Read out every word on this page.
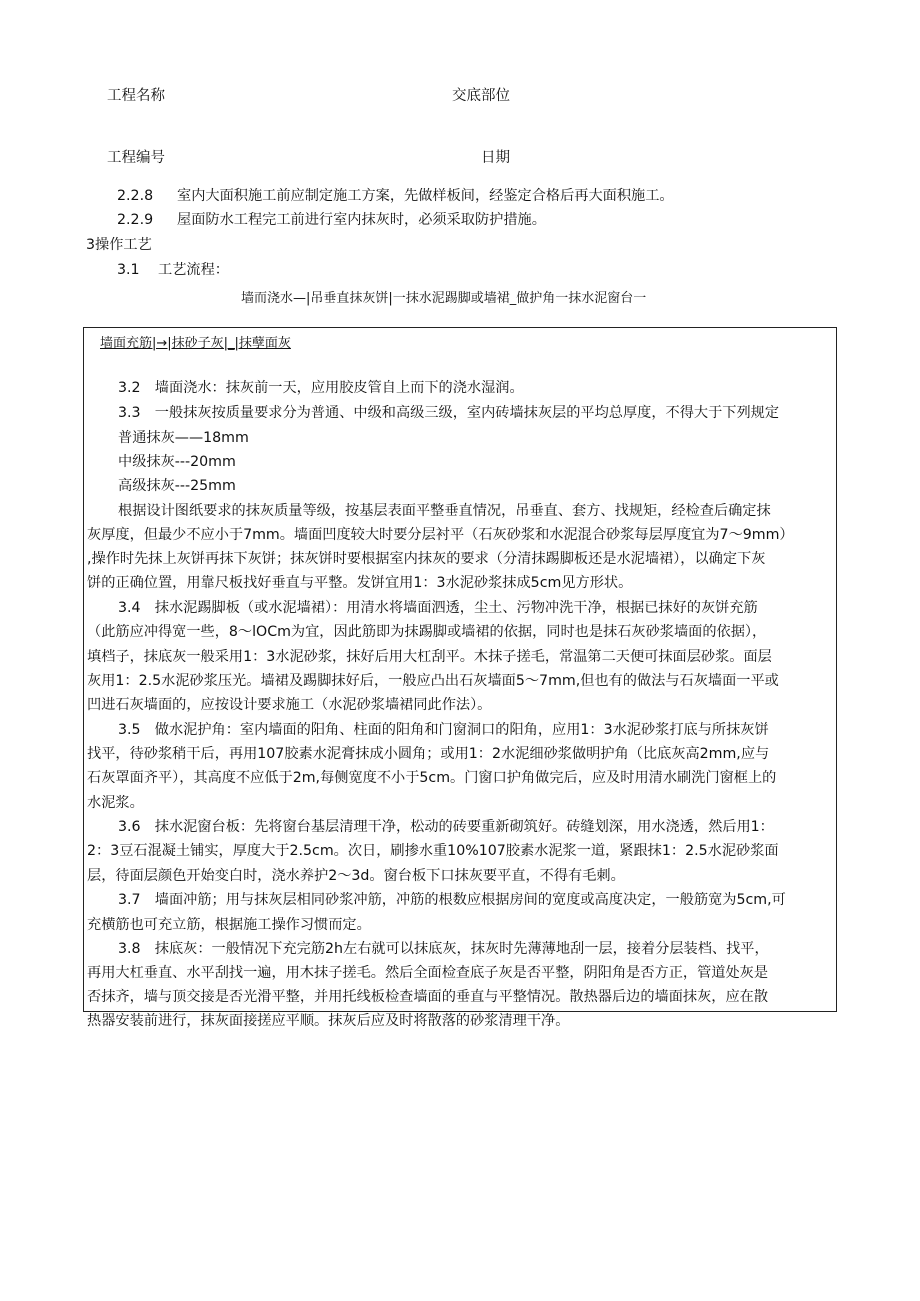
工程名称	交底部位
工程编号	日期
2.2.8 室内大面积施工前应制定施工方案，先做样板间，经鉴定合格后再大面积施工。
2.2.9 屋面防水工程完工前进行室内抹灰时，必须采取防护措施。
3操作工艺
3.1 工艺流程：
墙而浇水—|吊垂直抹灰饼|一抹水泥踢脚或墙裙_做护角一抹水泥窗台一
墙面充筋|→|抹砂子灰|_|抹孽面灰
3.2　墙面浇水：抹灰前一天，应用胶皮管自上而下的浇水湿润。
3.3　一般抹灰按质量要求分为普通、中级和高级三级，室内砖墙抹灰层的平均总厚度，不得大于下列规定
普通抹灰——18mm
中级抹灰---20mm
高级抹灰---25mm
根据设计图纸要求的抹灰质量等级，按基层表面平整垂直情况，吊垂直、套方、找规矩，经检查后确定抹
灰厚度，但最少不应小于7mm。墙面凹度较大时要分层衬平（石灰砂浆和水泥混合砂浆每层厚度宜为7〜9mm）
,操作时先抹上灰饼再抹下灰饼；抹灰饼时要根据室内抹灰的要求（分清抹踢脚板还是水泥墙裙），以确定下灰
饼的正确位置，用靠尺板找好垂直与平整。发饼宜用1：3水泥砂浆抹成5cm见方形状。
3.4　抹水泥踢脚板（或水泥墙裙）：用清水将墙面泗透，尘土、污物冲洗干净，根据已抹好的灰饼充筋
（此筋应冲得宽一些，8〜lOCm为宜，因此筋即为抹踢脚或墙裙的依据，同时也是抹石灰砂浆墙面的依据），
填档子，抹底灰一般采用1：3水泥砂浆，抹好后用大杠刮平。木抹子搓毛，常温第二天便可抹面层砂浆。面层
灰用1：2.5水泥砂浆压光。墙裙及踢脚抹好后，一般应凸出石灰墙面5〜7mm,但也有的做法与石灰墙面一平或
凹进石灰墙面的，应按设计要求施工（水泥砂浆墙裙同此作法）。
3.5　做水泥护角：室内墙面的阳角、柱面的阳角和门窗洞口的阳角，应用1：3水泥砂浆打底与所抹灰饼
找平，待砂浆稍干后，再用107胶素水泥膏抹成小圆角；或用1：2水泥细砂浆做明护角（比底灰高2mm,应与
石灰罩面齐平），其高度不应低于2m,每侧宽度不小于5cm。门窗口护角做完后，应及时用清水刷洗门窗框上的
水泥浆。
3.6　抹水泥窗台板：先将窗台基层清理干净，松动的砖要重新砌筑好。砖缝划深，用水浇透，然后用1：
2：3豆石混凝土铺实，厚度大于2.5cm。次日，刷掺水重10%107胶素水泥浆一道，紧跟抹1：2.5水泥砂浆面
层，待面层颜色开始变白时，浇水养护2〜3d。窗台板下口抹灰要平直，不得有毛刺。
3.7　墙面冲筋；用与抹灰层相同砂浆冲筋，冲筋的根数应根据房间的宽度或高度决定，一般筋宽为5cm,可
充横筋也可充立筋，根据施工操作习惯而定。
3.8　抹底灰：一般情况下充完筋2h左右就可以抹底灰，抹灰时先薄薄地刮一层，接着分层装档、找平，
再用大杠垂直、水平刮找一遍，用木抹子搓毛。然后全面检查底子灰是否平整，阴阳角是否方正，管道处灰是
否抹齐，墙与顶交接是否光滑平整，并用托线板检查墙面的垂直与平整情况。散热器后边的墙面抹灰，应在散
热器安装前进行，抹灰面接搓应平顺。抹灰后应及时将散落的砂浆清理干净。
